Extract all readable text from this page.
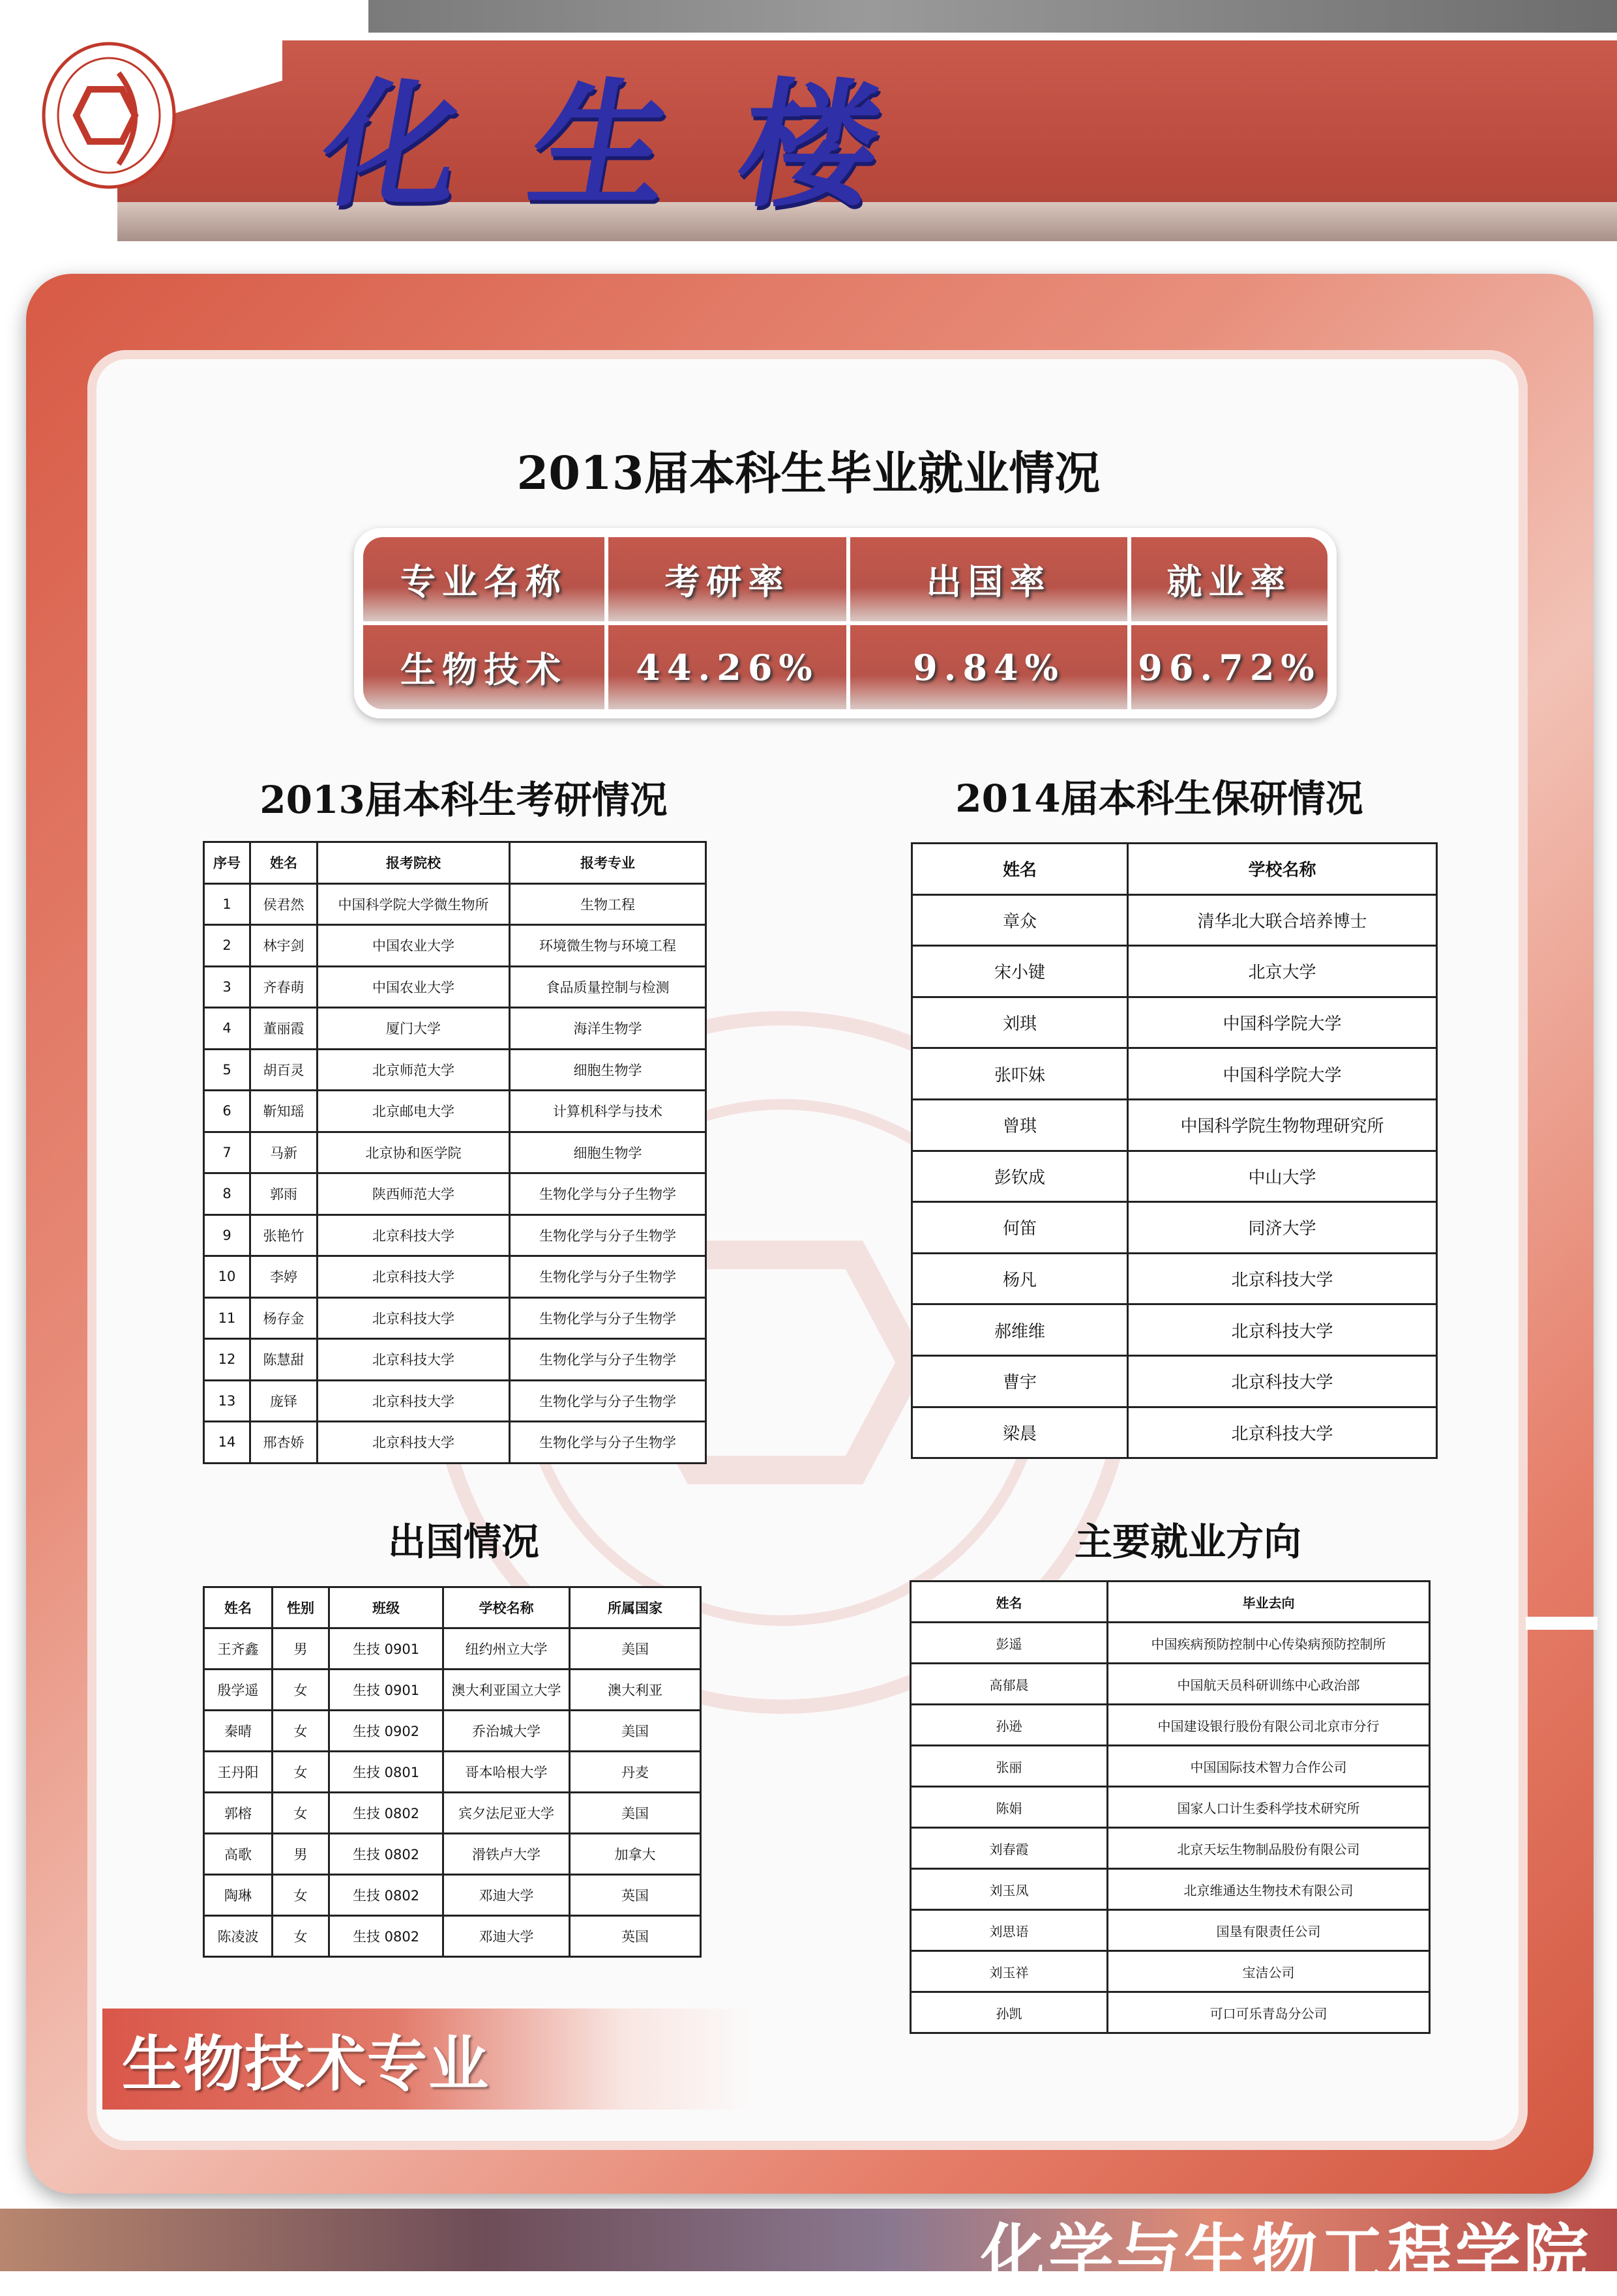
化生楼
2013届本科生毕业就业情况
专业名称	考研率	出国率	就业率
生物技术	44.26%	9.84%	96.72%
2013届本科生考研情况	2014届本科生保研情况
出国情况	主要就业方向
序号	姓名	报考院校	报考专业
1	侯君然	中国科学院大学微生物所	生物工程
2	林宇剑	中国农业大学	环境微生物与环境工程
3	齐春萌	中国农业大学	食品质量控制与检测
4	董丽霞	厦门大学	海洋生物学
5	胡百灵	北京师范大学	细胞生物学
6	靳知瑶	北京邮电大学	计算机科学与技术
7	马新	北京协和医学院	细胞生物学
8	郭雨	陕西师范大学	生物化学与分子生物学
9	张艳竹	北京科技大学	生物化学与分子生物学
10	李婷	北京科技大学	生物化学与分子生物学
11	杨存金	北京科技大学	生物化学与分子生物学
12	陈慧甜	北京科技大学	生物化学与分子生物学
13	庞铎	北京科技大学	生物化学与分子生物学
14	邢杏娇	北京科技大学	生物化学与分子生物学
姓名	学校名称
章众	清华北大联合培养博士
宋小键	北京大学
刘琪	中国科学院大学
张吓妹	中国科学院大学
曾琪	中国科学院生物物理研究所
彭钦成	中山大学
何笛	同济大学
杨凡	北京科技大学
郝维维	北京科技大学
曹宇	北京科技大学
梁晨	北京科技大学
姓名	性别	班级	学校名称	所属国家
王齐鑫	男	生技 0901	纽约州立大学	美国
殷学遥	女	生技 0901	澳大利亚国立大学	澳大利亚
秦晴	女	生技 0902	乔治城大学	美国
王丹阳	女	生技 0801	哥本哈根大学	丹麦
郭榕	女	生技 0802	宾夕法尼亚大学	美国
高歌	男	生技 0802	滑铁卢大学	加拿大
陶琳	女	生技 0802	邓迪大学	英国
陈凌波	女	生技 0802	邓迪大学	英国
姓名	毕业去向
彭遥	中国疾病预防控制中心传染病预防控制所
高郁晨	中国航天员科研训练中心政治部
孙逊	中国建设银行股份有限公司北京市分行
张丽	中国国际技术智力合作公司
陈娟	国家人口计生委科学技术研究所
刘春霞	北京天坛生物制品股份有限公司
刘玉凤	北京维通达生物技术有限公司
刘思语	国垦有限责任公司
刘玉祥	宝洁公司
孙凯	可口可乐青岛分公司
生物技术专业
化学与生物工程学院
